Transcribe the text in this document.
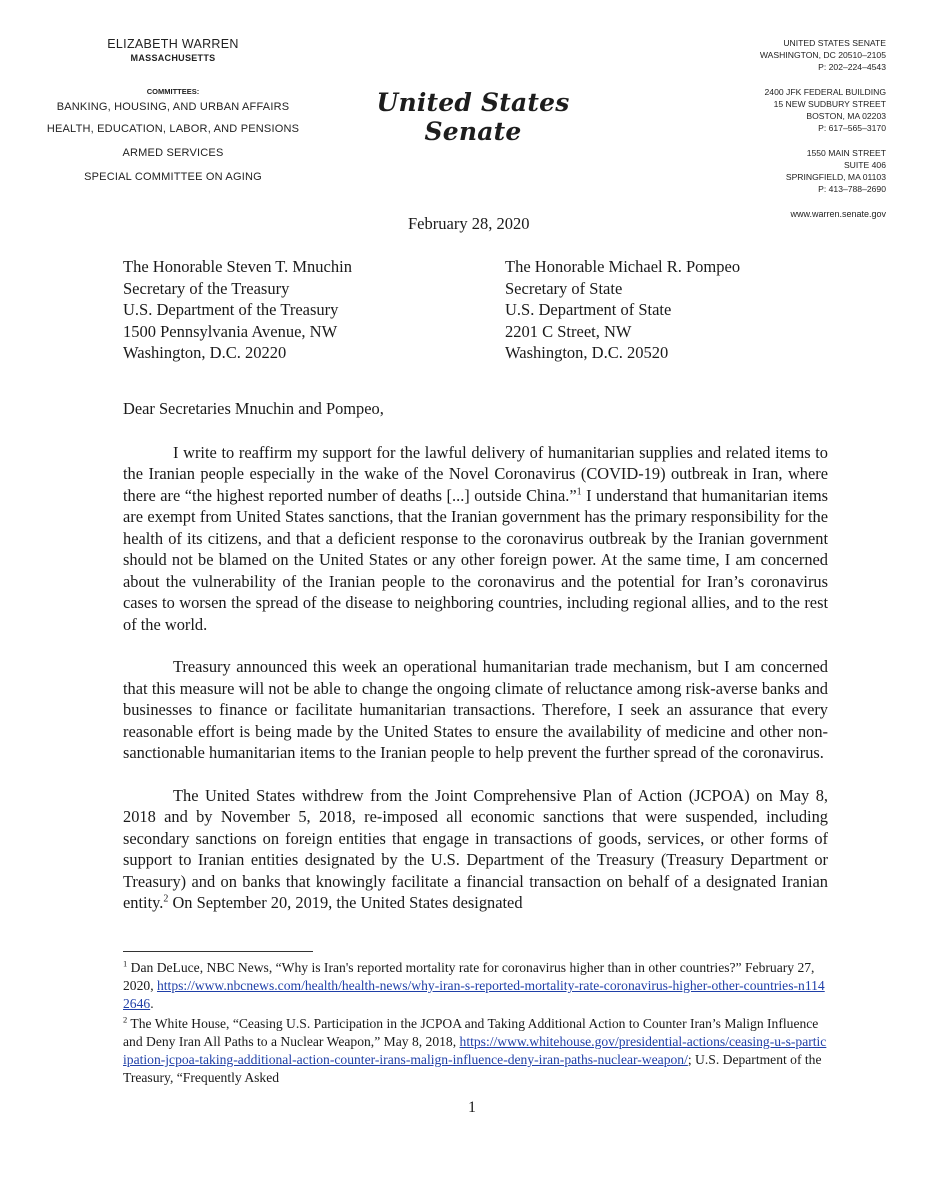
ELIZABETH WARREN
MASSACHUSETTS
COMMITTEES:
BANKING, HOUSING, AND URBAN AFFAIRS
HEALTH, EDUCATION, LABOR, AND PENSIONS
ARMED SERVICES
SPECIAL COMMITTEE ON AGING
United States Senate
UNITED STATES SENATE
WASHINGTON, DC 20510–2105
P: 202–224–4543
2400 JFK FEDERAL BUILDING
15 NEW SUDBURY STREET
BOSTON, MA 02203
P: 617–565–3170
1550 MAIN STREET
SUITE 406
SPRINGFIELD, MA 01103
P: 413–788–2690
www.warren.senate.gov
February 28, 2020
The Honorable Steven T. Mnuchin
Secretary of the Treasury
U.S. Department of the Treasury
1500 Pennsylvania Avenue, NW
Washington, D.C. 20220
The Honorable Michael R. Pompeo
Secretary of State
U.S. Department of State
2201 C Street, NW
Washington, D.C. 20520

Dear Secretaries Mnuchin and Pompeo,

I write to reaffirm my support for the lawful delivery of humanitarian supplies and related items to the Iranian people especially in the wake of the Novel Coronavirus (COVID-19) outbreak in Iran, where there are “the highest reported number of deaths [...] outside China.”$^1$ I understand that humanitarian items are exempt from United States sanctions, that the Iranian government has the primary responsibility for the health of its citizens, and that a deficient response to the coronavirus outbreak by the Iranian government should not be blamed on the United States or any other foreign power. At the same time, I am concerned about the vulnerability of the Iranian people to the coronavirus and the potential for Iran’s coronavirus cases to worsen the spread of the disease to neighboring countries, including regional allies, and to the rest of the world.

Treasury announced this week an operational humanitarian trade mechanism, but I am concerned that this measure will not be able to change the ongoing climate of reluctance among risk-averse banks and businesses to finance or facilitate humanitarian transactions. Therefore, I seek an assurance that every reasonable effort is being made by the United States to ensure the availability of medicine and other non-sanctionable humanitarian items to the Iranian people to help prevent the further spread of the coronavirus.

The United States withdrew from the Joint Comprehensive Plan of Action (JCPOA) on May 8, 2018 and by November 5, 2018, re-imposed all economic sanctions that were suspended, including secondary sanctions on foreign entities that engage in transactions of goods, services, or other forms of support to Iranian entities designated by the U.S. Department of the Treasury (Treasury Department or Treasury) and on banks that knowingly facilitate a financial transaction on behalf of a designated Iranian entity.$^2$ On September 20, 2019, the United States designated

$^1$ Dan DeLuce, NBC News, “Why is Iran's reported mortality rate for coronavirus higher than in other countries?” February 27, 2020, https://www.nbcnews.com/health/health-news/why-iran-s-reported-mortality-rate-coronavirus-higher-other-countries-n1142646.

$^2$ The White House, “Ceasing U.S. Participation in the JCPOA and Taking Additional Action to Counter Iran’s Malign Influence and Deny Iran All Paths to a Nuclear Weapon,” May 8, 2018, https://www.whitehouse.gov/presidential-actions/ceasing-u-s-participation-jcpoa-taking-additional-action-counter-irans-malign-influence-deny-iran-paths-nuclear-weapon/; U.S. Department of the Treasury, “Frequently Asked

1
